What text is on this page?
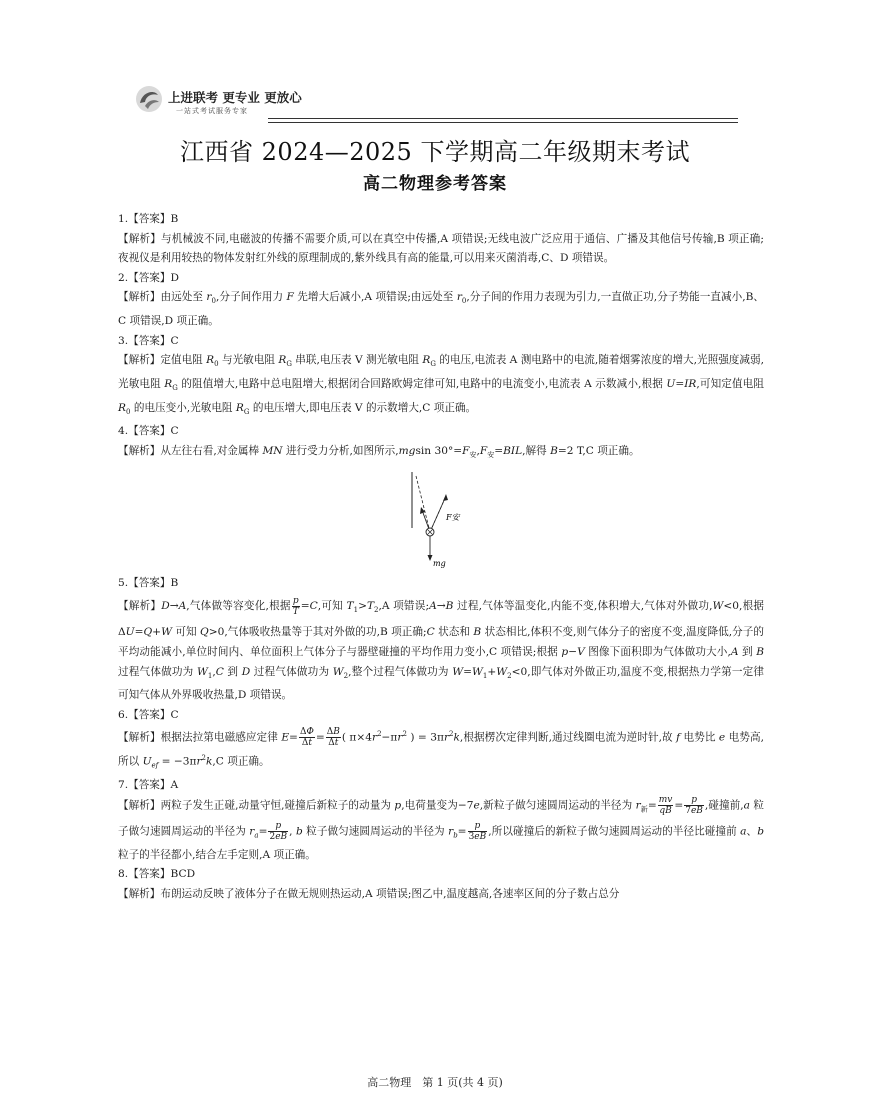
上进联考 更专业 更放心
一站式考试服务专家
江西省 2024—2025 下学期高二年级期末考试
高二物理参考答案

1.【答案】B

【解析】与机械波不同,电磁波的传播不需要介质,可以在真空中传播,A 项错误;无线电波广泛应用于通信、广播及其他信号传输,B 项正确;夜视仪是利用较热的物体发射红外线的原理制成的,紫外线具有高的能量,可以用来灭菌消毒,C、D 项错误。

2.【答案】D

【解析】由远处至 $r_0$,分子间作用力 F 先增大后减小,A 项错误;由远处至 $r_0$,分子间的作用力表现为引力,一直做正功,分子势能一直减小,B、C 项错误,D 项正确。

3.【答案】C

【解析】定值电阻 $R_0$ 与光敏电阻 $R_G$ 串联,电压表 V 测光敏电阻 $R_G$ 的电压,电流表 A 测电路中的电流,随着烟雾浓度的增大,光照强度减弱,光敏电阻 $R_G$ 的阻值增大,电路中总电阻增大,根据闭合回路欧姆定律可知,电路中的电流变小,电流表 A 示数减小,根据 U=IR,可知定值电阻 $R_0$ 的电压变小,光敏电阻 $R_G$ 的电压增大,即电压表 V 的示数增大,C 项正确。

4.【答案】C

【解析】从左往右看,对金属棒 MN 进行受力分析,如图所示,mgsin $30^\circ=F_安,F_安=BIL$,解得 B=2 T,C 项正确。

F安
mg

5.【答案】B

【解析】D→A,气体做等容变化,根据 $\frac{p}{T} =C$,可知 $T_1>T_2,A$ 项错误;A→B 过程,气体等温变化,内能不变,体积增大,气体对外做功,W<0,根据 ΔU=Q+W 可知 Q>0,气体吸收热量等于其对外做的功,B 项正确;C 状态和 B 状态相比,体积不变,则气体分子的密度不变,温度降低,分子的平均动能减小,单位时间内、单位面积上气体分子与器壁碰撞的平均作用力变小,C 项错误;根据 p−V 图像下面积即为气体做功大小,A 到 B 过程气体做功为 $W_1,C$ 到 D 过程气体做功为 $W_2$,整个过程气体做功为 $W=W_1+W_2<0$,即气体对外做正功,温度不变,根据热力学第一定律可知气体从外界吸收热量,D 项错误。

6.【答案】C

【解析】根据法拉第电磁感应定律 $E= \frac{\Delta\Phi}{\Delta t} = \frac{\Delta B}{\Delta t}$ ( $\pi\times 4r^2-\pi r^2$ ) = $3\pi r^2k$,根据楞次定律判断,通过线圈电流为逆时针,故 f 电势比 e 电势高,所以 $U_{ef} = -3\pi r^2k,C$ 项正确。

7.【答案】A

【解析】两粒子发生正碰,动量守恒,碰撞后新粒子的动量为 p,电荷量变为−7e,新粒子做匀速圆周运动的半径为 $r_新= \frac{mv}{qB} = \frac{p}{7eB}$ ,碰撞前,a 粒子做匀速圆周运动的半径为 $r_a= \frac{p}{2eB}$ , b 粒子做匀速圆周运动的半径为 $r_b= \frac{p}{3eB}$ ,所以碰撞后的新粒子做匀速圆周运动的半径比碰撞前 a、b 粒子的半径都小,结合左手定则,A 项正确。

8.【答案】BCD

【解析】布朗运动反映了液体分子在做无规则热运动,A 项错误;图乙中,温度越高,各速率区间的分子数占总分

高二物理　第 1 页(共 4 页)
